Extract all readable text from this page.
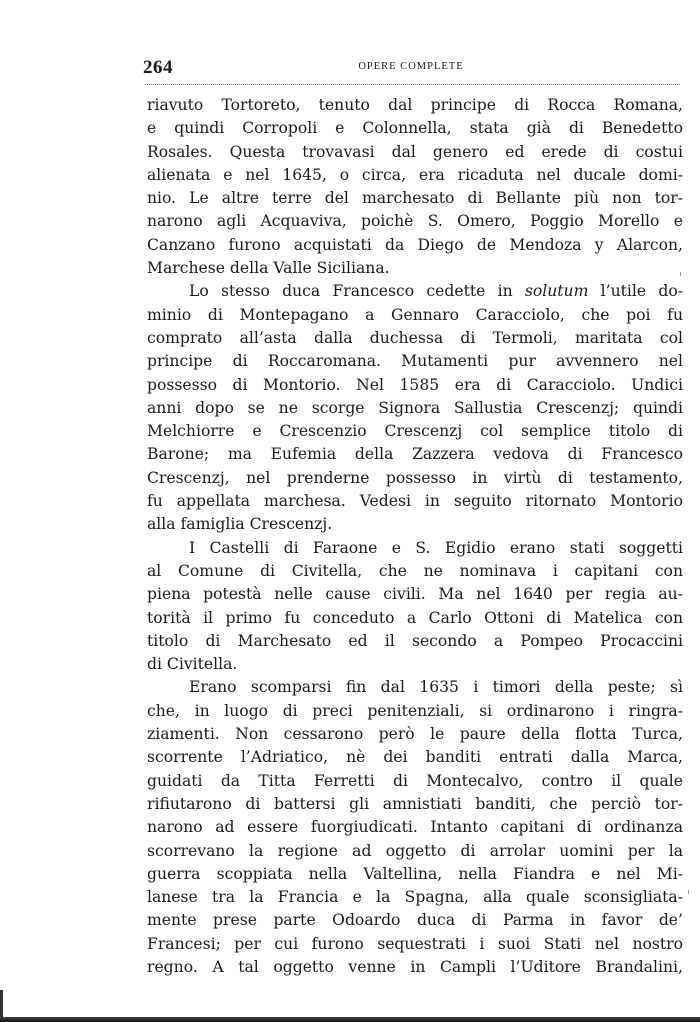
264	OPERE COMPLETE
riavuto Tortoreto, tenuto dal principe di Rocca Romana,
e quindi Corropoli e Colonnella, stata già di Benedetto
Rosales. Questa trovavasi dal genero ed erede di costui
alienata e nel 1645, o circa, era ricaduta nel ducale domi-
nio. Le altre terre del marchesato di Bellante più non tor-
narono agli Acquaviva, poichè S. Omero, Poggio Morello e
Canzano furono acquistati da Diego de Mendoza y Alarcon,
Marchese della Valle Siciliana.
Lo stesso duca Francesco cedette in solutum l’utile do-
minio di Montepagano a Gennaro Caracciolo, che poi fu
comprato all’asta dalla duchessa di Termoli, maritata col
principe di Roccaromana. Mutamenti pur avvennero nel
possesso di Montorio. Nel 1585 era di Caracciolo. Undici
anni dopo se ne scorge Signora Sallustia Crescenzj; quindi
Melchiorre e Crescenzio Crescenzj col semplice titolo di
Barone; ma Eufemia della Zazzera vedova di Francesco
Crescenzj, nel prenderne possesso in virtù di testamento,
fu appellata marchesa. Vedesi in seguito ritornato Montorio
alla famiglia Crescenzj.
I Castelli di Faraone e S. Egidio erano stati soggetti
al Comune di Civitella, che ne nominava i capitani con
piena potestà nelle cause civili. Ma nel 1640 per regia au-
torità il primo fu conceduto a Carlo Ottoni di Matelica con
titolo di Marchesato ed il secondo a Pompeo Procaccini
di Civitella.
Erano scomparsi fin dal 1635 i timori della peste; sì
che, in luogo di preci penitenziali, si ordinarono i ringra-
ziamenti. Non cessarono però le paure della flotta Turca,
scorrente l’Adriatico, nè dei banditi entrati dalla Marca,
guidati da Titta Ferretti di Montecalvo, contro il quale
rifiutarono di battersi gli amnistiati banditi, che perciò tor-
narono ad essere fuorgiudicati. Intanto capitani di ordinanza
scorrevano la regione ad oggetto di arrolar uomini per la
guerra scoppiata nella Valtellina, nella Fiandra e nel Mi-
lanese tra la Francia e la Spagna, alla quale sconsigliata-
mente prese parte Odoardo duca di Parma in favor de’
Francesi; per cui furono sequestrati i suoi Stati nel nostro
regno. A tal oggetto venne in Campli l’Uditore Brandalini,
